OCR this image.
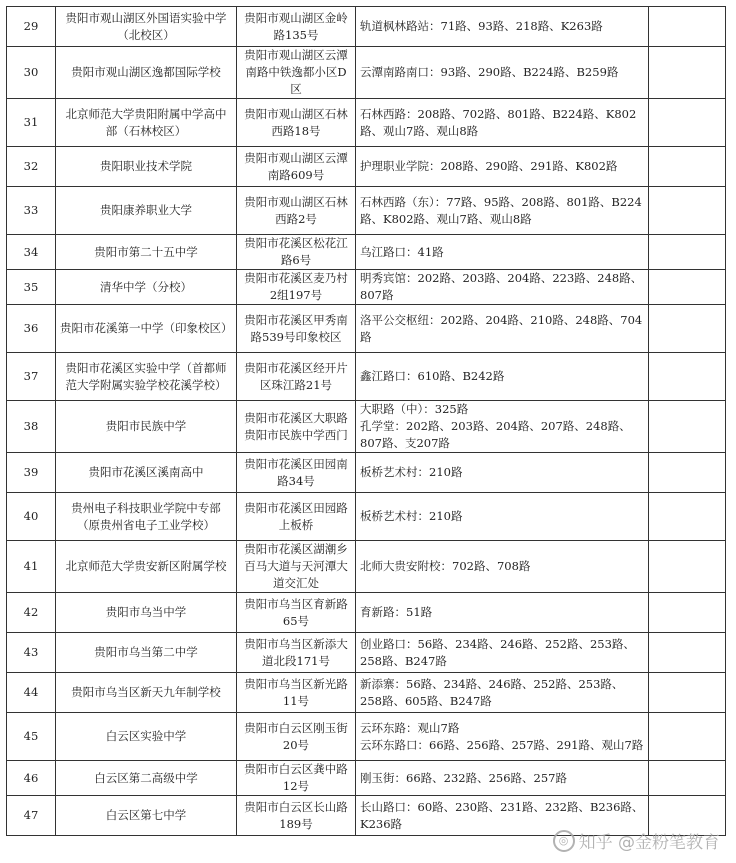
29	贵阳市观山湖区外国语实验中学（北校区）	贵阳市观山湖区金岭路135号	轨道枫林路站：71路、93路、218路、K263路	
30	贵阳市观山湖区逸都国际学校	贵阳市观山湖区云潭南路中铁逸都小区D区	云潭南路南口：93路、290路、B224路、B259路	
31	北京师范大学贵阳附属中学高中部（石林校区）	贵阳市观山湖区石林西路18号	石林西路：208路、702路、801路、B224路、K802路、观山7路、观山8路	
32	贵阳职业技术学院	贵阳市观山湖区云潭南路609号	护理职业学院：208路、290路、291路、K802路	
33	贵阳康养职业大学	贵阳市观山湖区石林西路2号	石林西路（东）：77路、95路、208路、801路、B224路、K802路、观山7路、观山8路	
34	贵阳市第二十五中学	贵阳市花溪区松花江路6号	乌江路口：41路	
35	清华中学（分校）	贵阳市花溪区麦乃村2组197号	明秀宾馆：202路、203路、204路、223路、248路、807路	
36	贵阳市花溪第一中学（印象校区）	贵阳市花溪区甲秀南路539号印象校区	洛平公交枢纽：202路、204路、210路、248路、704路	
37	贵阳市花溪区实验中学（首都师范大学附属实验学校花溪学校）	贵阳市花溪区经开片区珠江路21号	鑫江路口：610路、B242路	
38	贵阳市民族中学	贵阳市花溪区大职路贵阳市民族中学西门	大职路（中）：325路
孔学堂：202路、203路、204路、207路、248路、807路、支207路	
39	贵阳市花溪区溪南高中	贵阳市花溪区田园南路34号	板桥艺术村：210路	
40	贵州电子科技职业学院中专部（原贵州省电子工业学校）	贵阳市花溪区田园路上板桥	板桥艺术村：210路	
41	北京师范大学贵安新区附属学校	贵阳市花溪区湖潮乡百马大道与天河潭大道交汇处	北师大贵安附校：702路、708路	
42	贵阳市乌当中学	贵阳市乌当区育新路65号	育新路：51路	
43	贵阳市乌当第二中学	贵阳市乌当区新添大道北段171号	创业路口：56路、234路、246路、252路、253路、258路、B247路	
44	贵阳市乌当区新天九年制学校	贵阳市乌当区新光路11号	新添寨：56路、234路、246路、252路、253路、258路、605路、B247路	
45	白云区实验中学	贵阳市白云区刚玉街20号	云环东路：观山7路
云环东路口：66路、256路、257路、291路、观山7路	
46	白云区第二高级中学	贵阳市白云区龚中路12号	刚玉街：66路、232路、256路、257路	
47	白云区第七中学	贵阳市白云区长山路189号	长山路口：60路、230路、231路、232路、B236路、K236路	
◎ 知乎 @金粉笔教育
